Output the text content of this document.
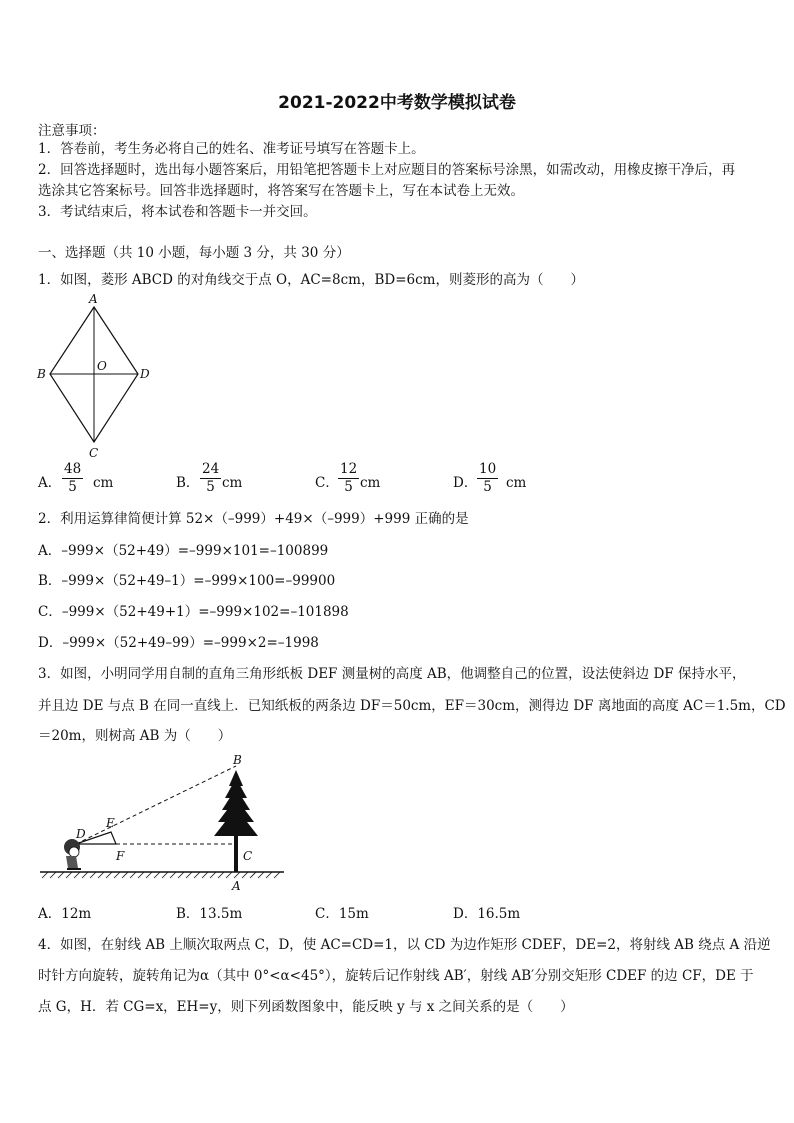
2021-2022中考数学模拟试卷
注意事项：
1．答卷前，考生务必将自己的姓名、准考证号填写在答题卡上。
2．回答选择题时，选出每小题答案后，用铅笔把答题卡上对应题目的答案标号涂黑，如需改动，用橡皮擦干净后，再
选涂其它答案标号。回答非选择题时，将答案写在答题卡上，写在本试卷上无效。
3．考试结束后，将本试卷和答题卡一并交回。
一、选择题（共 10 小题，每小题 3 分，共 30 分）
1．如图，菱形 ABCD 的对角线交于点 O，AC=8cm，BD=6cm，则菱形的高为（　　）
A
B	D
C
O
A． $\frac{48}{5}$ cm	B． $\frac{24}{5}$ cm	C． $\frac{12}{5}$ cm	D． $\frac{10}{5}$ cm
2．利用运算律简便计算 52×（–999）+49×（–999）+999 正确的是
A．–999×（52+49）=–999×101=–100899
B．–999×（52+49–1）=–999×100=–99900
C．–999×（52+49+1）=–999×102=–101898
D．–999×（52+49–99）=–999×2=–1998
3．如图，小明同学用自制的直角三角形纸板 DEF 测量树的高度 AB，他调整自己的位置，设法使斜边 DF 保持水平，
并且边 DE 与点 B 在同一直线上．已知纸板的两条边 DF＝50cm，EF＝30cm，测得边 DF 离地面的高度 AC＝1.5m，CD
＝20m，则树高 AB 为（　　）
B
D
E
F	C
A
A．12m	B．13.5m	C．15m	D．16.5m
4．如图，在射线 AB 上顺次取两点 C，D，使 AC=CD=1，以 CD 为边作矩形 CDEF，DE=2，将射线 AB 绕点 A 沿逆
时针方向旋转，旋转角记为α（其中 0°<α<45°），旋转后记作射线 AB′，射线 AB′分别交矩形 CDEF 的边 CF，DE 于
点 G，H．若 CG=x，EH=y，则下列函数图象中，能反映 y 与 x 之间关系的是（　　）
